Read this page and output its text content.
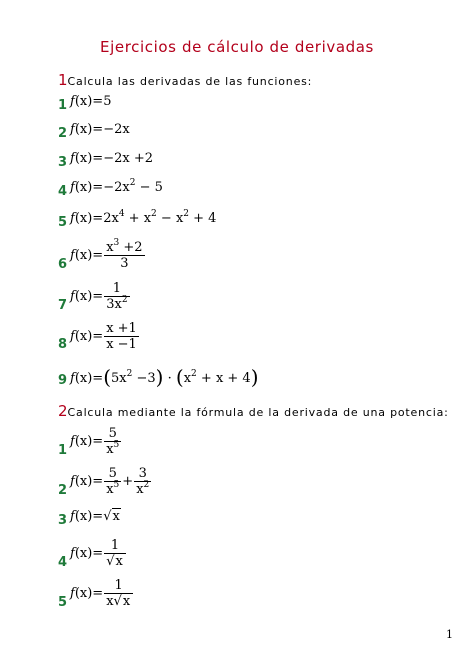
Ejercicios de cálculo de derivadas
1Calcula las derivadas de las funciones:
1 f(x)=5
2 f(x)=−2x
3 f(x)=−2x +2
4 $f(x)=-2x^2 - 5$
5 $f(x)=2x^4 + x^2 - x^2 + 4$
6
$f(x)= \frac{x^3 +2}{3}$
7
$f(x)= \frac{1}{3x^2}$
8
$f(x)= \frac{x +1}{x -1}$
9 $f(x)=(5x^2 -3) \cdot (x^2 + x + 4)$
2Calcula mediante la fórmula de la derivada de una potencia:
1
$f(x)= \frac{5}{x^5}$
2
$f(x)= \frac{5}{x^5} + \frac{3}{x^2}$
3 f(x)=√x
4
$f(x)= \frac{1}{√x}$
5
$f(x)= \frac{1}{x√x}$
1
